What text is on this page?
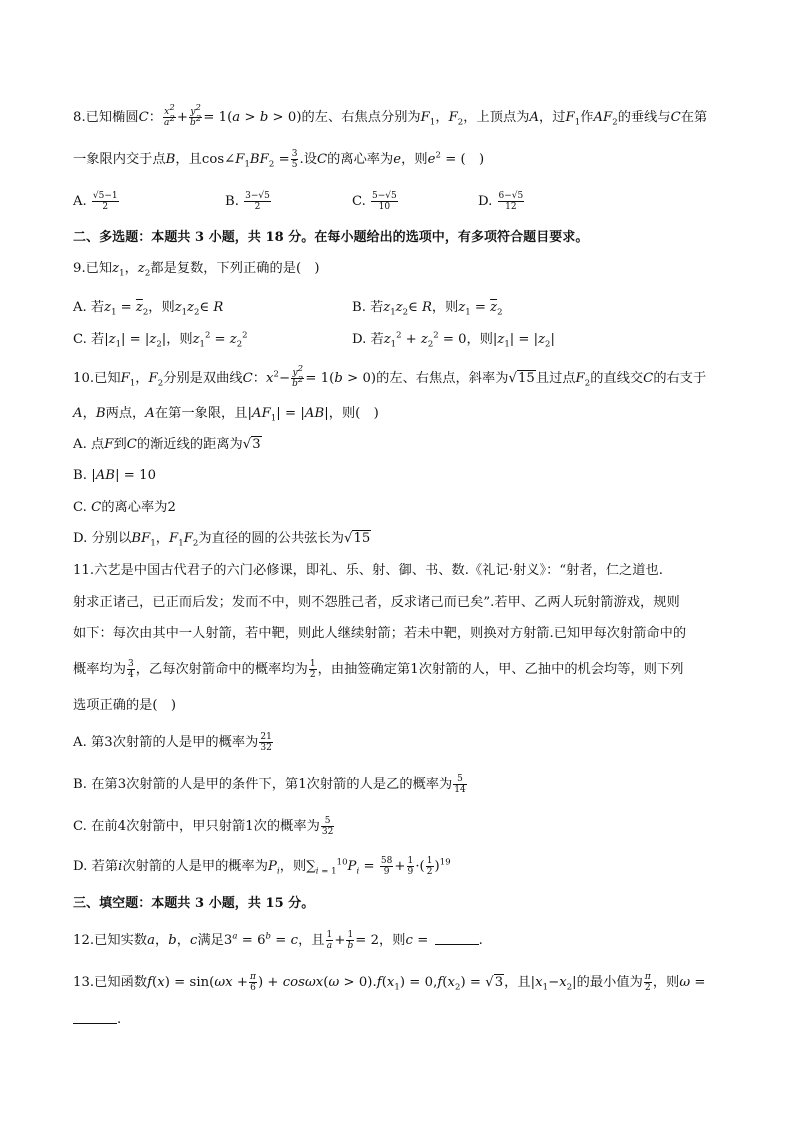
8.已知椭圆C： $\frac{x^2}{a^2} + \frac{y^2}{b^2} = 1(a > b > 0)$的左、右焦点分别为$F_1$，$F_2$，上顶点为A，过$F_1$作$AF_2$的垂线与C在第
一象限内交于点B，且$\cos\angle F_1BF_2 = \frac{3}{5}$ .设C的离心率为e，则$e^2$ = (　)
A. $\frac{√5-1}{2}$	B. $\frac{3-√5}{2}$	C. $\frac{5-√5}{10}$	D. $\frac{6-√5}{12}$
二、多选题：本题共 3 小题，共 18 分。在每小题给出的选项中，有多项符合题目要求。
9.已知$z_1$，$z_2$都是复数，下列正确的是(　)
A. 若$z_1 = \overline{z}_2$，则$z_1z_2\in$ R	B. 若$z_1z_2\in$ R，则$z_1 = \overline{z}_2$
C. 若$|z_1| = |z_2|$，则$z_1^2 = z_2^2$	D. 若$z_1^2 + z_2^2 = 0$，则$|z_1| = |z_2|$
10.已知$F_1$，$F_2$分别是双曲线C：$x^2- \frac{y^2}{b^2} = 1(b > 0)$的左、右焦点，斜率为√15且过点$F_2$的直线交C的右支于
A，B两点，A在第一象限，且$|AF_1| = |AB|$，则(　)
A. 点F到C的渐近线的距离为√3
B. |AB| = 10
C. C的离心率为2
D. 分别以$BF_1$，$F_1F_2$为直径的圆的公共弦长为√15
11.六艺是中国古代君子的六门必修课，即礼、乐、射、御、书、数.《礼记·射义》：“射者，仁之道也.
射求正诸己，已正而后发；发而不中，则不怨胜己者，反求诸己而已矣”.若甲、乙两人玩射箭游戏，规则
如下：每次由其中一人射箭，若中靶，则此人继续射箭；若未中靶，则换对方射箭.已知甲每次射箭命中的
概率均为 $\frac{3}{4}$ ，乙每次射箭命中的概率均为 $\frac{1}{2}$ ，由抽签确定第1次射箭的人，甲、乙抽中的机会均等，则下列
选项正确的是(　)
A. 第3次射箭的人是甲的概率为 $\frac{21}{32}$
B. 在第3次射箭的人是甲的条件下，第1次射箭的人是乙的概率为 $\frac{5}{14}$
C. 在前4次射箭中，甲只射箭1次的概率为 $\frac{5}{32}$
D. 若第i次射箭的人是甲的概率为$P_i$，则$\sum_{i = 1}^{10}P_i = \frac{58}{9} + \frac{1}{9}$ ·( $\frac{1}{2} )^{19}$
三、填空题：本题共 3 小题，共 15 分。
12.已知实数a，b，c满足$3^a = 6^b = c$，且 $\frac{1}{a} + \frac{1}{b} = 2$，则c =	.
13.已知函数$f(x) = \sin(\omega x + \frac{\pi}{6}$ ) + $\cos\omega x(\omega > 0).f(x_1) = 0,f(x_2) = √3$，且$|x_1-x_2|$的最小值为 $\frac{\pi}{2}$ ，则ω =
.
